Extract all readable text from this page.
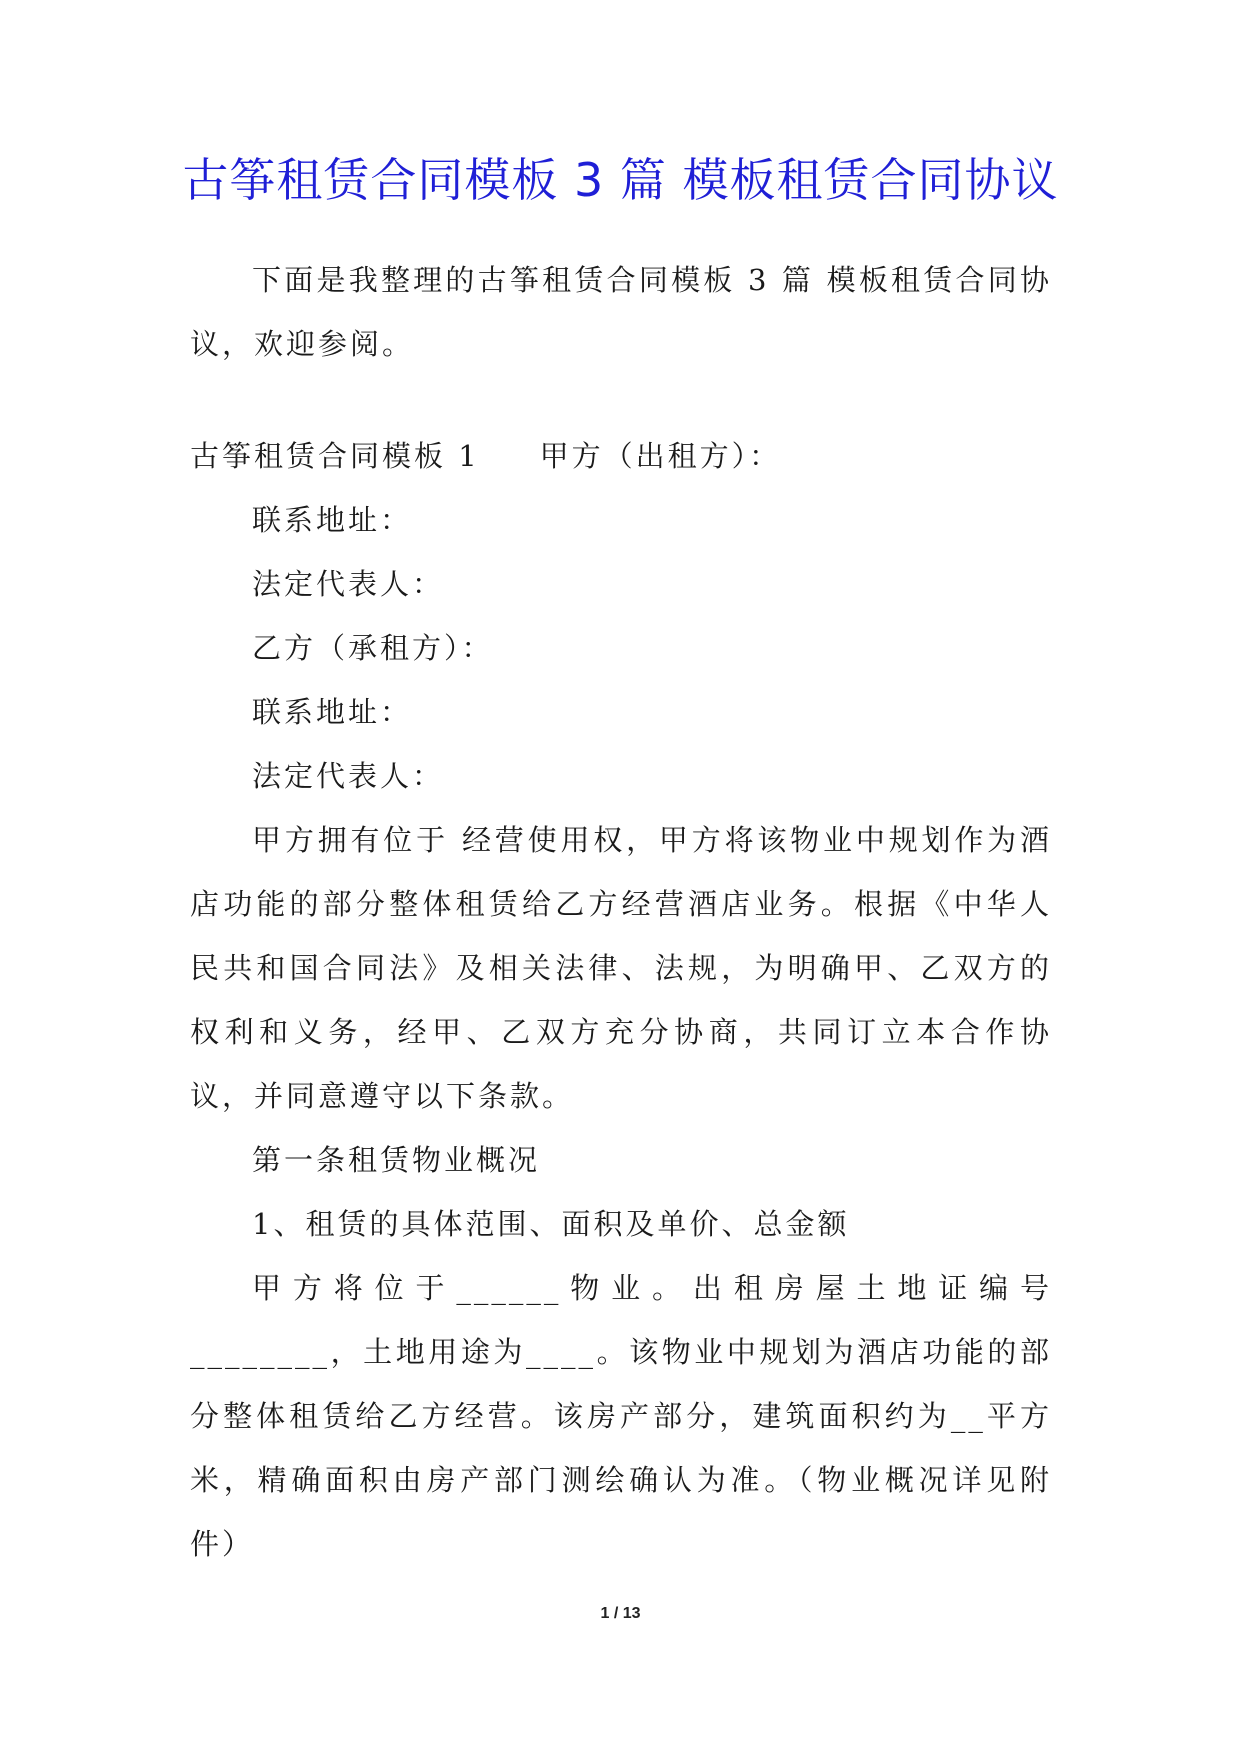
古筝租赁合同模板 3 篇 模板租赁合同协议

下面是我整理的古筝租赁合同模板 3 篇 模板租赁合同协议，欢迎参阅。

古筝租赁合同模板 1 甲方（出租方）：

联系地址：

法定代表人：

乙方（承租方）：

联系地址：

法定代表人：

甲方拥有位于 经营使用权，甲方将该物业中规划作为酒店功能的部分整体租赁给乙方经营酒店业务。根据《中华人民共和国合同法》及相关法律、法规，为明确甲、乙双方的权利和义务，经甲、乙双方充分协商，共同订立本合作协议，并同意遵守以下条款。

第一条租赁物业概况

1、租赁的具体范围、面积及单价、总金额

甲方将位于______物业。出租房屋土地证编号________，土地用途为____。该物业中规划为酒店功能的部分整体租赁给乙方经营。该房产部分，建筑面积约为__平方米，精确面积由房产部门测绘确认为准。（物业概况详见附件）

1 / 13
